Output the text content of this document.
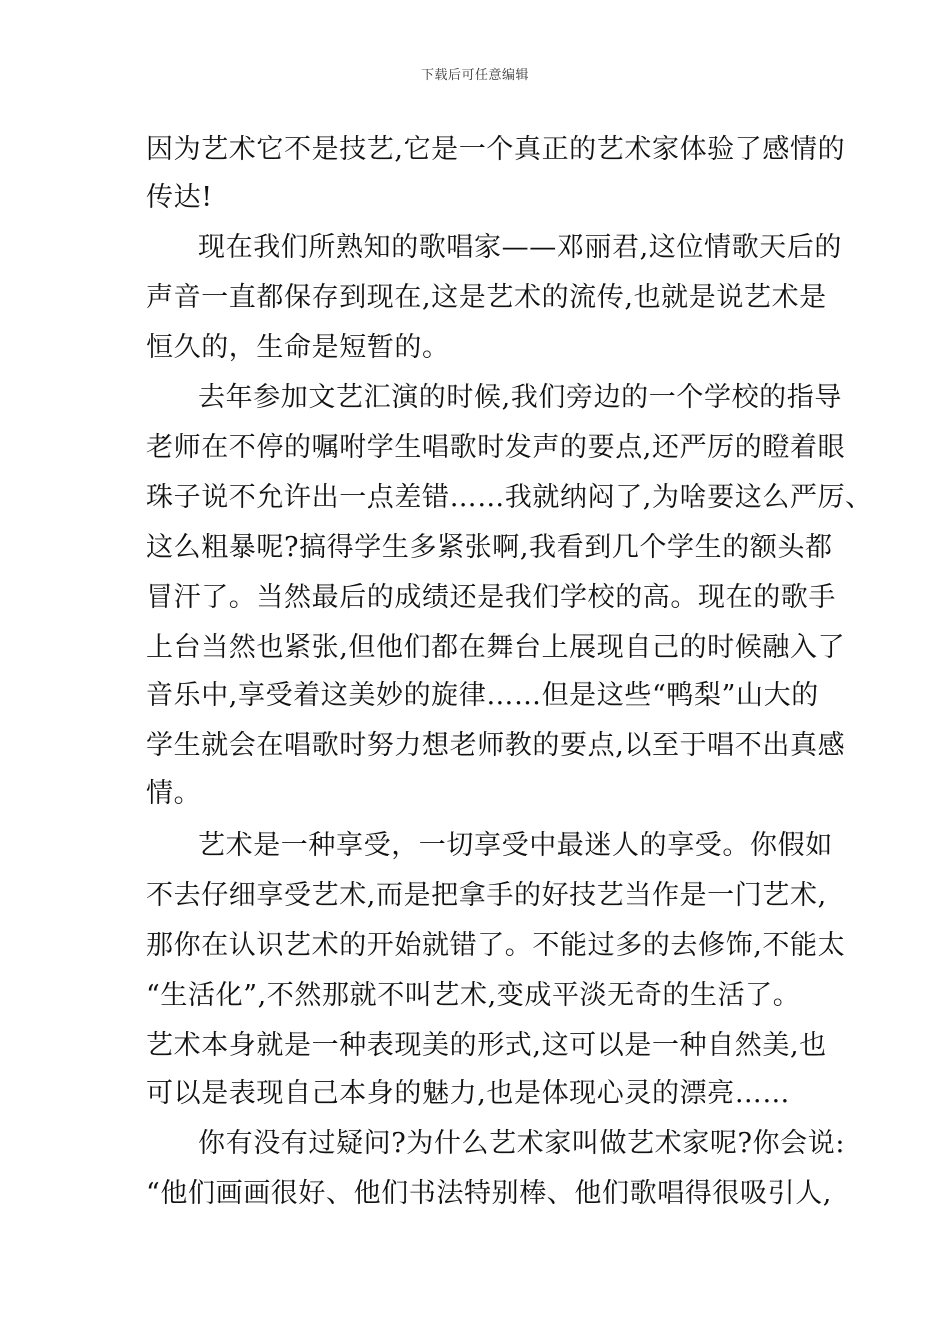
下载后可任意编辑
因为艺术它不是技艺,它是一个真正的艺术家体验了感情的
传达!
现在我们所熟知的歌唱家——邓丽君,这位情歌天后的
声音一直都保存到现在,这是艺术的流传,也就是说艺术是
恒久的，生命是短暂的。
去年参加文艺汇演的时候,我们旁边的一个学校的指导
老师在不停的嘱咐学生唱歌时发声的要点,还严厉的瞪着眼
珠子说不允许出一点差错……我就纳闷了,为啥要这么严厉、
这么粗暴呢?搞得学生多紧张啊,我看到几个学生的额头都
冒汗了。当然最后的成绩还是我们学校的高。现在的歌手
上台当然也紧张,但他们都在舞台上展现自己的时候融入了
音乐中,享受着这美妙的旋律……但是这些“鸭梨”山大的
学生就会在唱歌时努力想老师教的要点,以至于唱不出真感
情。
艺术是一种享受，一切享受中最迷人的享受。你假如
不去仔细享受艺术,而是把拿手的好技艺当作是一门艺术,
那你在认识艺术的开始就错了。不能过多的去修饰,不能太
“生活化”,不然那就不叫艺术,变成平淡无奇的生活了。
艺术本身就是一种表现美的形式,这可以是一种自然美,也
可以是表现自己本身的魅力,也是体现心灵的漂亮……
你有没有过疑问?为什么艺术家叫做艺术家呢?你会说:
“他们画画很好、他们书法特别棒、他们歌唱得很吸引人,
